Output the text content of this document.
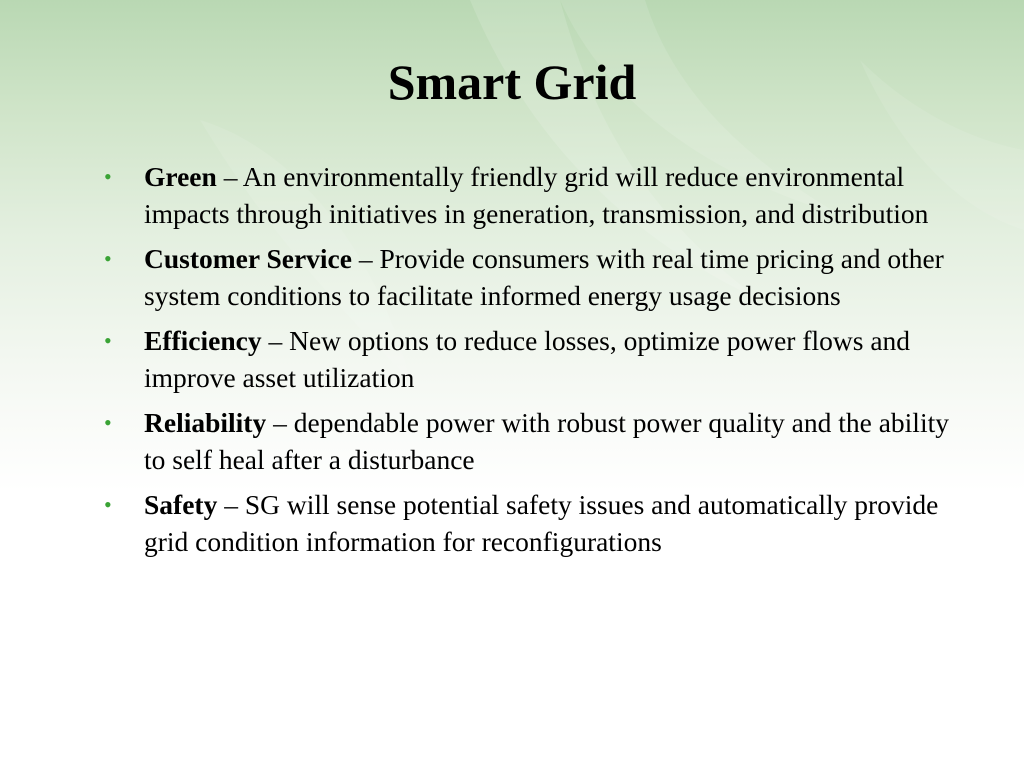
Smart Grid
•	Green – An environmentally friendly grid will reduce environmental impacts through initiatives in generation, transmission, and distribution
•	Customer Service – Provide consumers with real time pricing and other system conditions to facilitate informed energy usage decisions
•	Efficiency – New options to reduce losses, optimize power flows and improve asset utilization
•	Reliability – dependable power with robust power quality and the ability to self heal after a disturbance
•	Safety – SG will sense potential safety issues and automatically provide grid condition information for reconfigurations
